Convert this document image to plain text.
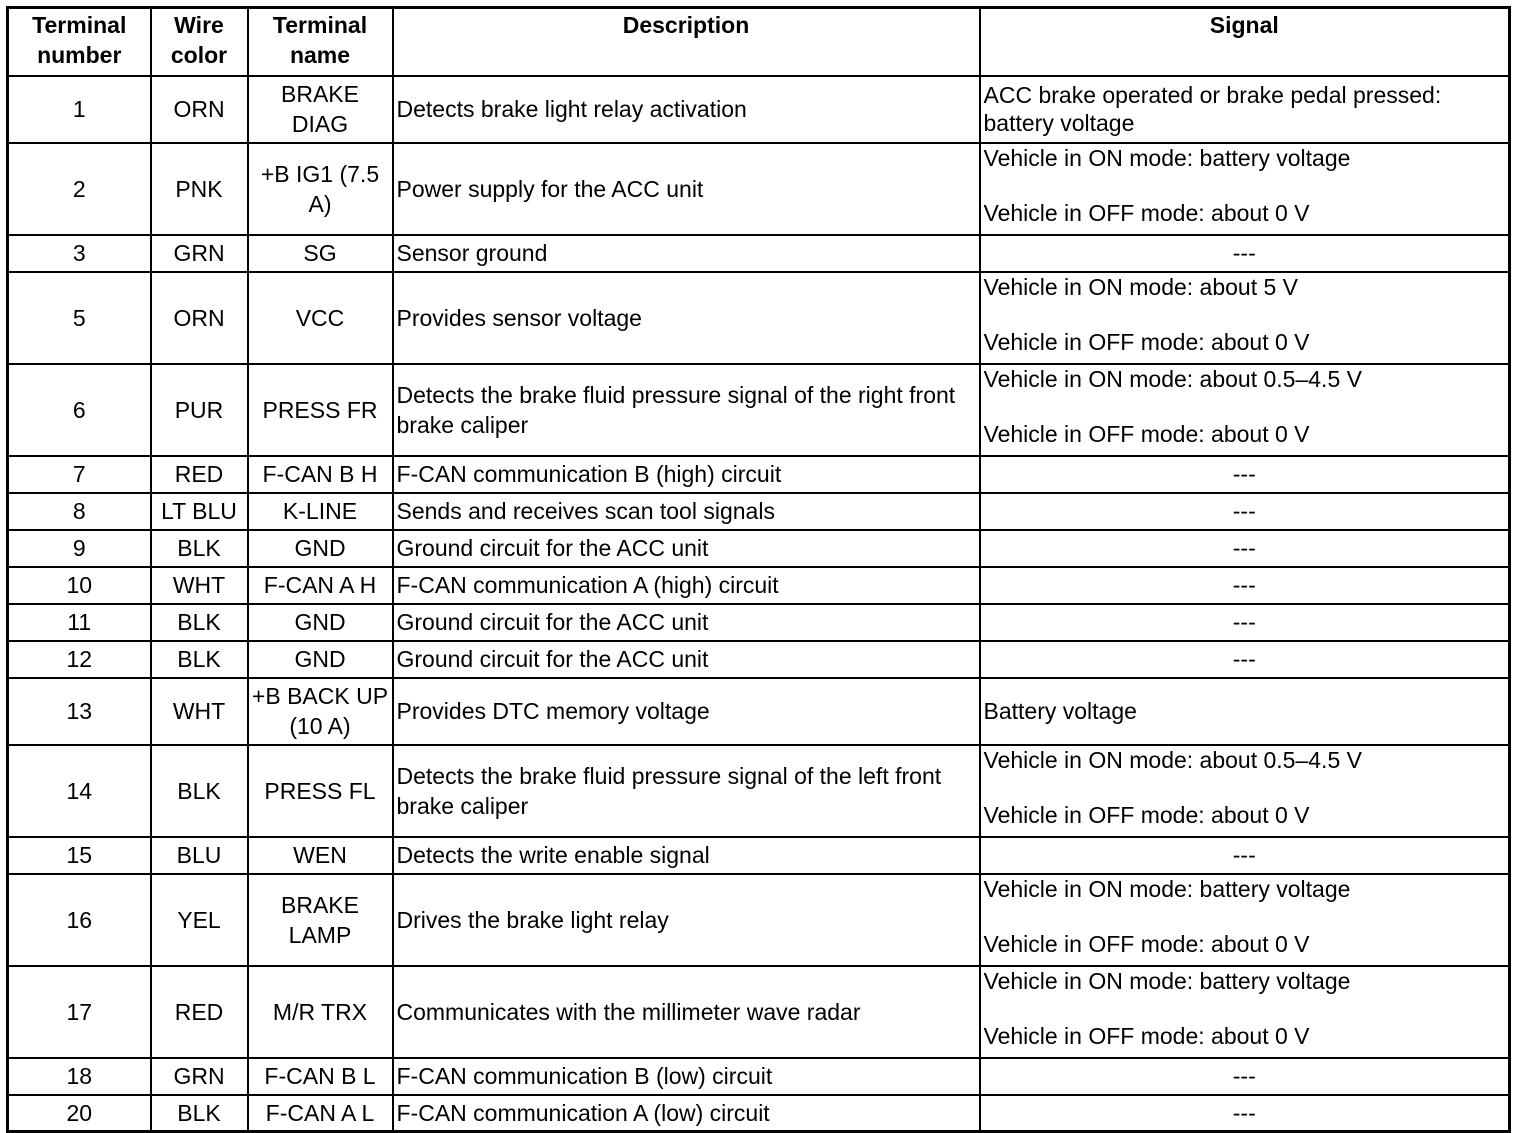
Terminal number	Wire color	Terminal name	Description	Signal
1	ORN	BRAKE DIAG	Detects brake light relay activation	ACC brake operated or brake pedal pressed: battery voltage

2	PNK	+B IG1 (7.5 A)	Power supply for the ACC unit	Vehicle in ON mode: battery voltage
Vehicle in OFF mode: about 0 V

3	GRN	SG	Sensor ground	---

5	ORN	VCC	Provides sensor voltage	Vehicle in ON mode: about 5 V
Vehicle in OFF mode: about 0 V

6	PUR	PRESS FR	Detects the brake fluid pressure signal of the right front brake caliper	Vehicle in ON mode: about 0.5–4.5 V
Vehicle in OFF mode: about 0 V

7	RED	F-CAN B H	F-CAN communication B (high) circuit	---

8	LT BLU	K-LINE	Sends and receives scan tool signals	---

9	BLK	GND	Ground circuit for the ACC unit	---

10	WHT	F-CAN A H	F-CAN communication A (high) circuit	---

11	BLK	GND	Ground circuit for the ACC unit	---

12	BLK	GND	Ground circuit for the ACC unit	---

13	WHT	+B BACK UP (10 A)	Provides DTC memory voltage	Battery voltage

14	BLK	PRESS FL	Detects the brake fluid pressure signal of the left front brake caliper	Vehicle in ON mode: about 0.5–4.5 V
Vehicle in OFF mode: about 0 V

15	BLU	WEN	Detects the write enable signal	---

16	YEL	BRAKE LAMP	Drives the brake light relay	Vehicle in ON mode: battery voltage
Vehicle in OFF mode: about 0 V

17	RED	M/R TRX	Communicates with the millimeter wave radar	Vehicle in ON mode: battery voltage
Vehicle in OFF mode: about 0 V

18	GRN	F-CAN B L	F-CAN communication B (low) circuit	---

20	BLK	F-CAN A L	F-CAN communication A (low) circuit	---
